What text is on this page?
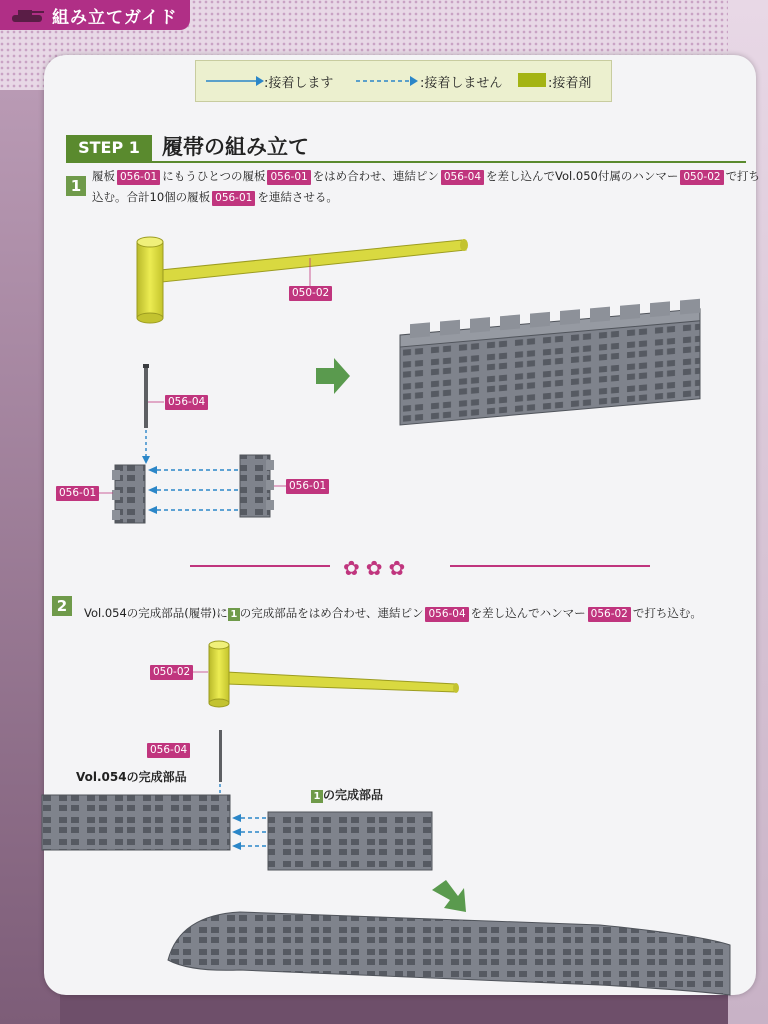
組み立てガイド
:接着します	:接着しません	:接着剤
STEP 1	履帯の組み立て
1
履板 056-01 にもうひとつの履板 056-01 をはめ合わせ、連結ピン 056-04 を差し込んでVol.050付属のハンマー 050-02 で打ち
込む。合計10個の履板 056-01 を連結させる。
050-02
056-04
056-01
056-01
✿✿✿
2	Vol.054の完成部品(履帯)に 1 の完成部品をはめ合わせ、連結ピン 056-04 を差し込んでハンマー 056-02 で打ち込む。
050-02
056-04
Vol.054の完成部品
1 の完成部品
